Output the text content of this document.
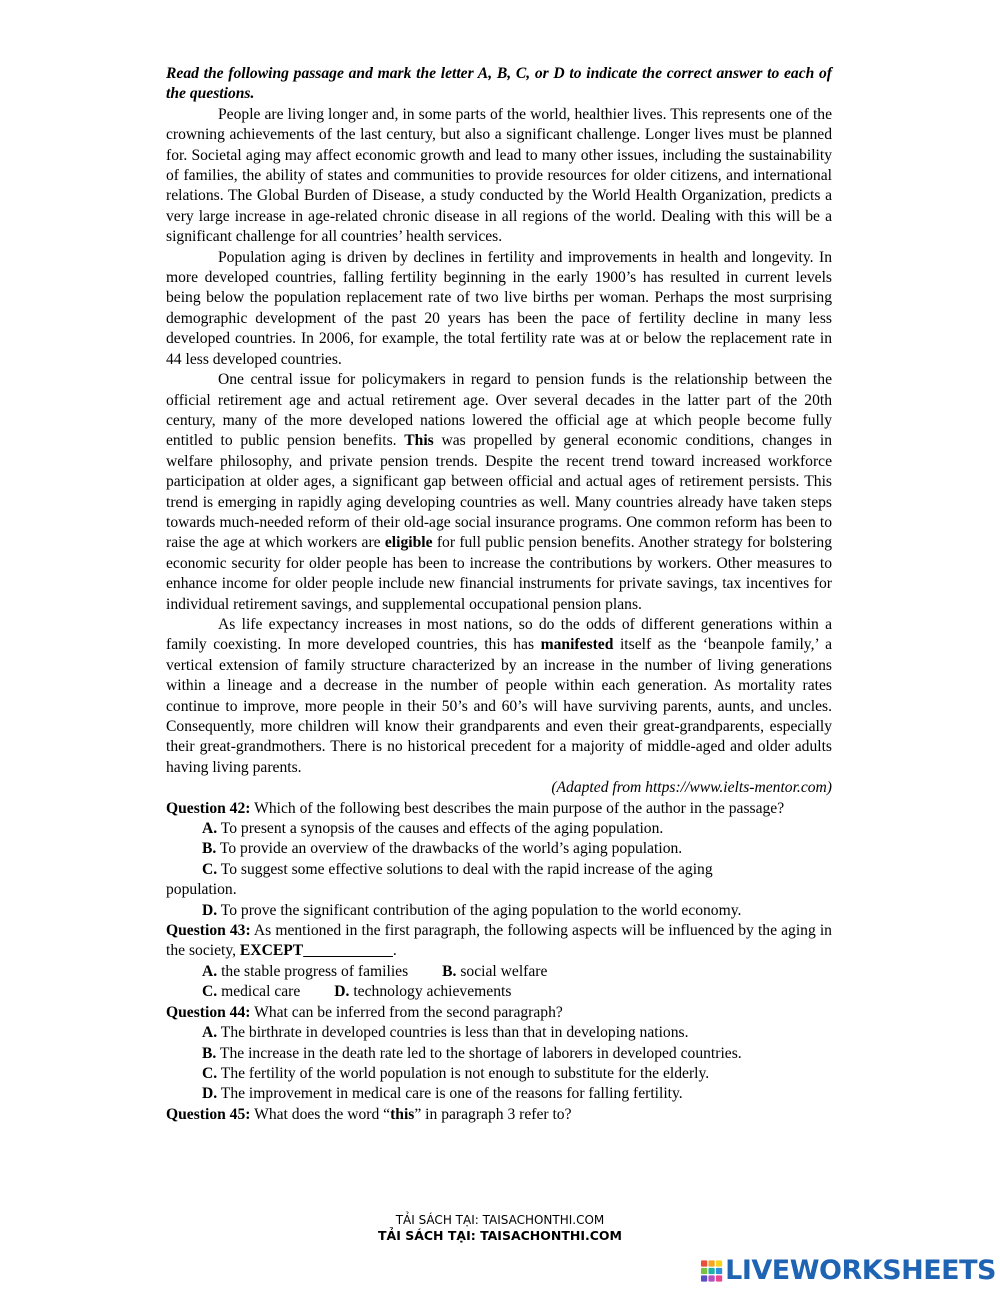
Read the following passage and mark the letter A, B, C, or D to indicate the correct answer to each of the questions.

People are living longer and, in some parts of the world, healthier lives. This represents one of the crowning achievements of the last century, but also a significant challenge. Longer lives must be planned for. Societal aging may affect economic growth and lead to many other issues, including the sustainability of families, the ability of states and communities to provide resources for older citizens, and international relations. The Global Burden of Disease, a study conducted by the World Health Organization, predicts a very large increase in age-related chronic disease in all regions of the world. Dealing with this will be a significant challenge for all countries’ health services.

Population aging is driven by declines in fertility and improvements in health and longevity. In more developed countries, falling fertility beginning in the early 1900’s has resulted in current levels being below the population replacement rate of two live births per woman. Perhaps the most surprising demographic development of the past 20 years has been the pace of fertility decline in many less developed countries. In 2006, for example, the total fertility rate was at or below the replacement rate in 44 less developed countries.

One central issue for policymakers in regard to pension funds is the relationship between the official retirement age and actual retirement age. Over several decades in the latter part of the 20th century, many of the more developed nations lowered the official age at which people become fully entitled to public pension benefits. This was propelled by general economic conditions, changes in welfare philosophy, and private pension trends. Despite the recent trend toward increased workforce participation at older ages, a significant gap between official and actual ages of retirement persists. This trend is emerging in rapidly aging developing countries as well. Many countries already have taken steps towards much-needed reform of their old-age social insurance programs. One common reform has been to raise the age at which workers are eligible for full public pension benefits. Another strategy for bolstering economic security for older people has been to increase the contributions by workers. Other measures to enhance income for older people include new financial instruments for private savings, tax incentives for individual retirement savings, and supplemental occupational pension plans.

As life expectancy increases in most nations, so do the odds of different generations within a family coexisting. In more developed countries, this has manifested itself as the ‘beanpole family,’ a vertical extension of family structure characterized by an increase in the number of living generations within a lineage and a decrease in the number of people within each generation. As mortality rates continue to improve, more people in their 50’s and 60’s will have surviving parents, aunts, and uncles. Consequently, more children will know their grandparents and even their great-grandparents, especially their great-grandmothers. There is no historical precedent for a majority of middle-aged and older adults having living parents.

(Adapted from https://www.ielts-mentor.com)

Question 42: Which of the following best describes the main purpose of the author in the passage?

A. To present a synopsis of the causes and effects of the aging population.

B. To provide an overview of the drawbacks of the world’s aging population.

C. To suggest some effective solutions to deal with the rapid increase of the aging

population.

D. To prove the significant contribution of the aging population to the world economy.

Question 43: As mentioned in the first paragraph, the following aspects will be influenced by the aging in the society, EXCEPT ___________.

A. the stable progress of families B. social welfare

C. medical care D. technology achievements

Question 44: What can be inferred from the second paragraph?

A. The birthrate in developed countries is less than that in developing nations.

B. The increase in the death rate led to the shortage of laborers in developed countries.

C. The fertility of the world population is not enough to substitute for the elderly.

D. The improvement in medical care is one of the reasons for falling fertility.

Question 45: What does the word “this” in paragraph 3 refer to?

TẢI SÁCH TẠI: TAISACHONTHI.COM
TẢI SÁCH TẠI: TAISACHONTHI.COM
LIVEWORKSHEETS
